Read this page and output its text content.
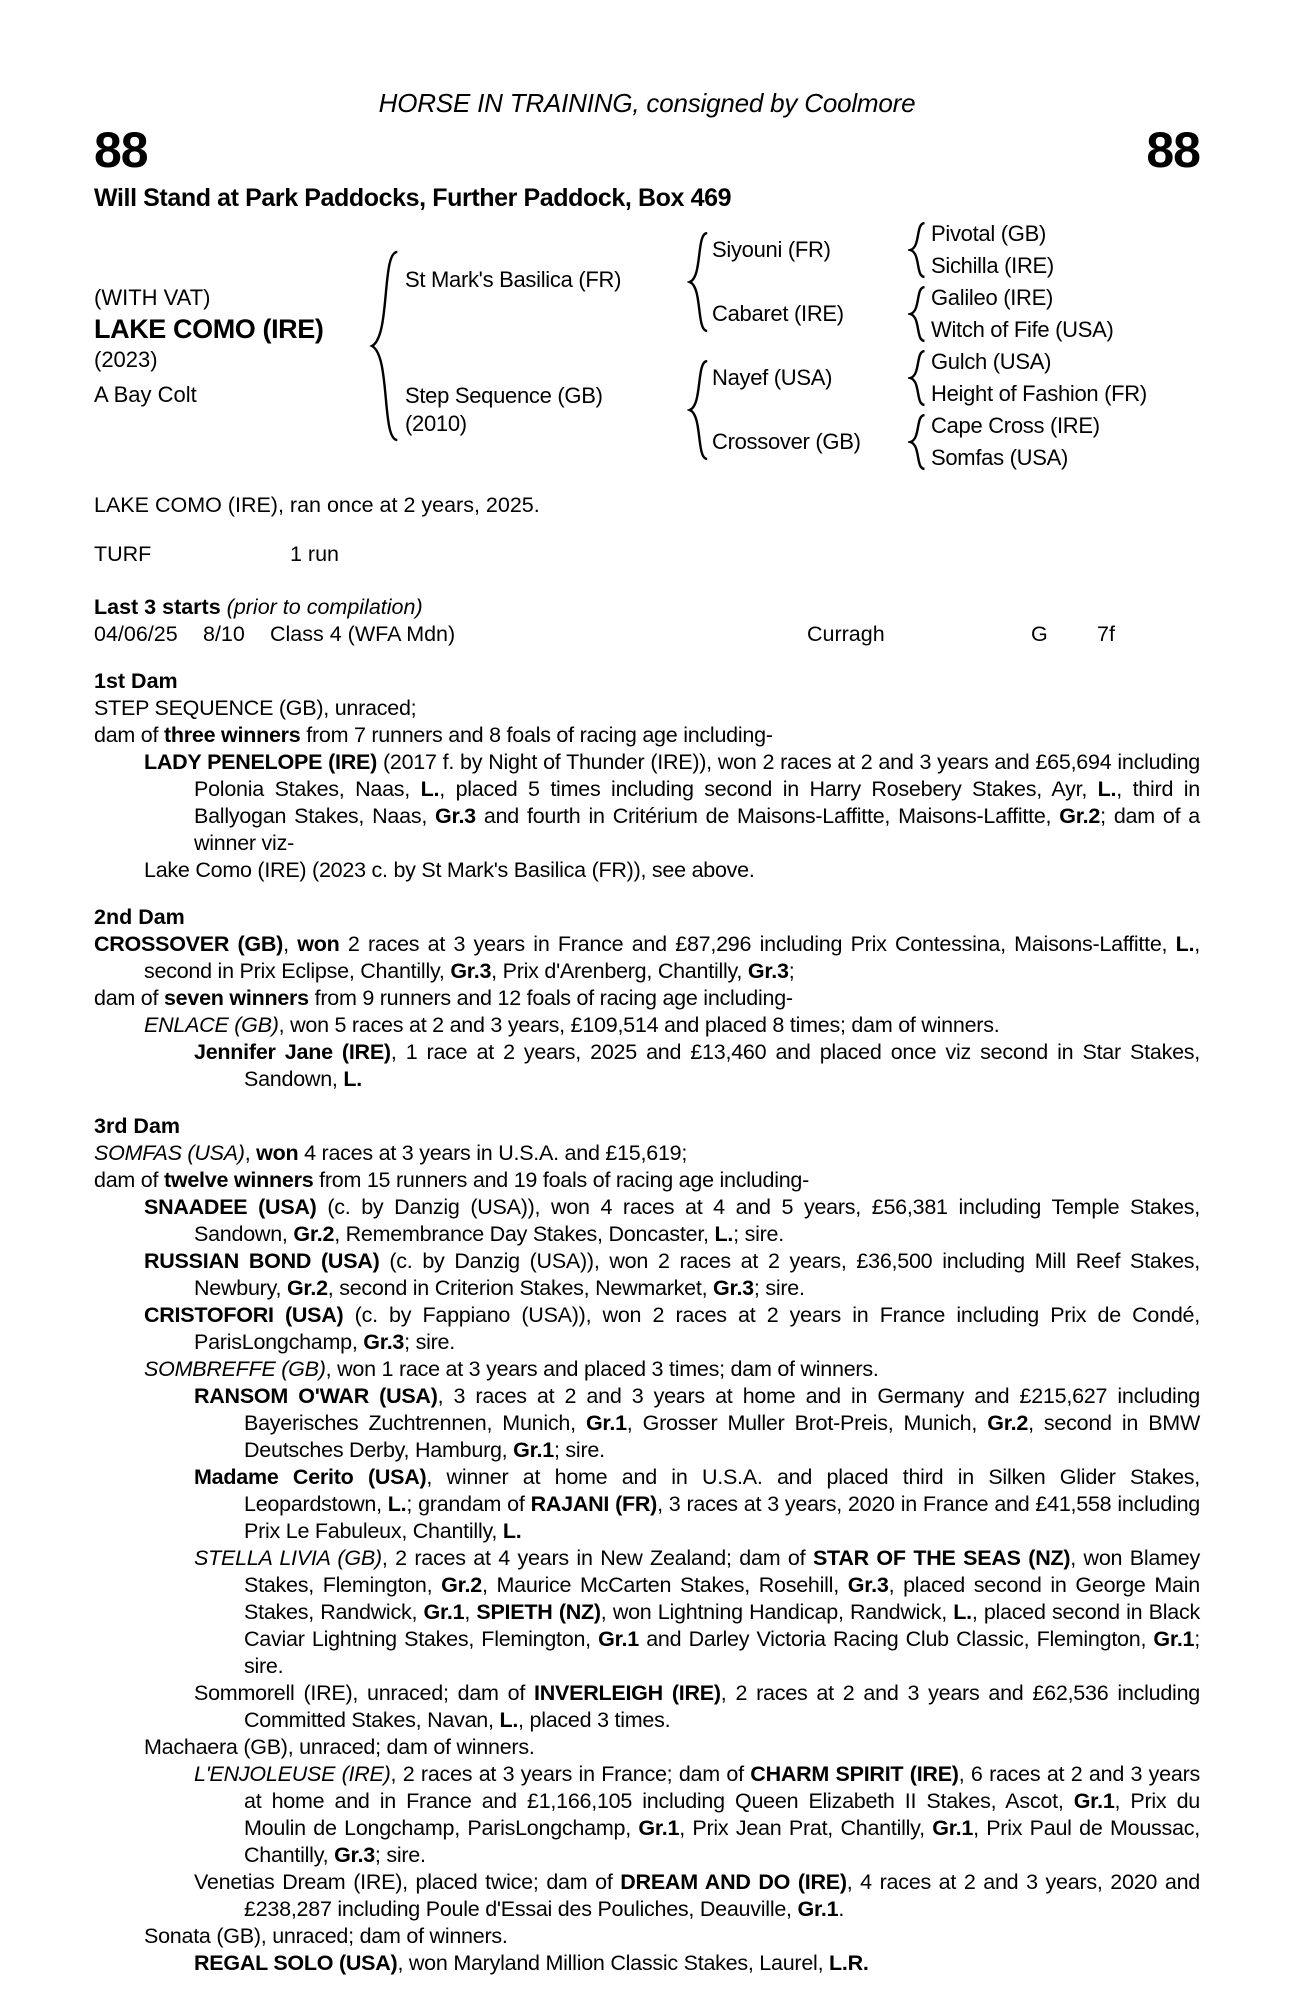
HORSE IN TRAINING, consigned by Coolmore
88	88
Will Stand at Park Paddocks, Further Paddock, Box 469
(WITH VAT)
LAKE COMO (IRE)
(2023)
A Bay Colt		St Mark's Basilica (FR)		Siyouni (FR)		Pivotal (GB)
						Sichilla (IRE)
				Cabaret (IRE)		Galileo (IRE)
						Witch of Fife (USA)

		Step Sequence (GB)
(2010)		Nayef (USA)		Gulch (USA)
						Height of Fashion (FR)
				Crossover (GB)		Cape Cross (IRE)
						Somfas (USA)
LAKE COMO (IRE), ran once at 2 years, 2025.
TURF	1 run
Last 3 starts (prior to compilation)
04/06/25 8/10 Class 4 (WFA Mdn)	Curragh	G 7f
1st Dam
STEP SEQUENCE (GB), unraced;
dam of three winners from 7 runners and 8 foals of racing age including-
LADY PENELOPE (IRE) (2017 f. by Night of Thunder (IRE)), won 2 races at 2 and 3 years and £65,694 including Polonia Stakes, Naas, L., placed 5 times including second in Harry Rosebery Stakes, Ayr, L., third in Ballyogan Stakes, Naas, Gr.3 and fourth in Critérium de Maisons-Laffitte, Maisons-Laffitte, Gr.2; dam of a winner viz-
Lake Como (IRE) (2023 c. by St Mark's Basilica (FR)), see above.
2nd Dam
CROSSOVER (GB), won 2 races at 3 years in France and £87,296 including Prix Contessina, Maisons-Laffitte, L., second in Prix Eclipse, Chantilly, Gr.3, Prix d'Arenberg, Chantilly, Gr.3;
dam of seven winners from 9 runners and 12 foals of racing age including-
ENLACE (GB), won 5 races at 2 and 3 years, £109,514 and placed 8 times; dam of winners.
Jennifer Jane (IRE), 1 race at 2 years, 2025 and £13,460 and placed once viz second in Star Stakes, Sandown, L.
3rd Dam
SOMFAS (USA), won 4 races at 3 years in U.S.A. and £15,619;
dam of twelve winners from 15 runners and 19 foals of racing age including-
SNAADEE (USA) (c. by Danzig (USA)), won 4 races at 4 and 5 years, £56,381 including Temple Stakes, Sandown, Gr.2, Remembrance Day Stakes, Doncaster, L.; sire.
RUSSIAN BOND (USA) (c. by Danzig (USA)), won 2 races at 2 years, £36,500 including Mill Reef Stakes, Newbury, Gr.2, second in Criterion Stakes, Newmarket, Gr.3; sire.
CRISTOFORI (USA) (c. by Fappiano (USA)), won 2 races at 2 years in France including Prix de Condé, ParisLongchamp, Gr.3; sire.
SOMBREFFE (GB), won 1 race at 3 years and placed 3 times; dam of winners.
RANSOM O'WAR (USA), 3 races at 2 and 3 years at home and in Germany and £215,627 including Bayerisches Zuchtrennen, Munich, Gr.1, Grosser Muller Brot-Preis, Munich, Gr.2, second in BMW Deutsches Derby, Hamburg, Gr.1; sire.
Madame Cerito (USA), winner at home and in U.S.A. and placed third in Silken Glider Stakes, Leopardstown, L.; grandam of RAJANI (FR), 3 races at 3 years, 2020 in France and £41,558 including Prix Le Fabuleux, Chantilly, L.
STELLA LIVIA (GB), 2 races at 4 years in New Zealand; dam of STAR OF THE SEAS (NZ), won Blamey Stakes, Flemington, Gr.2, Maurice McCarten Stakes, Rosehill, Gr.3, placed second in George Main Stakes, Randwick, Gr.1, SPIETH (NZ), won Lightning Handicap, Randwick, L., placed second in Black Caviar Lightning Stakes, Flemington, Gr.1 and Darley Victoria Racing Club Classic, Flemington, Gr.1; sire.
Sommorell (IRE), unraced; dam of INVERLEIGH (IRE), 2 races at 2 and 3 years and £62,536 including Committed Stakes, Navan, L., placed 3 times.
Machaera (GB), unraced; dam of winners.
L'ENJOLEUSE (IRE), 2 races at 3 years in France; dam of CHARM SPIRIT (IRE), 6 races at 2 and 3 years at home and in France and £1,166,105 including Queen Elizabeth II Stakes, Ascot, Gr.1, Prix du Moulin de Longchamp, ParisLongchamp, Gr.1, Prix Jean Prat, Chantilly, Gr.1, Prix Paul de Moussac, Chantilly, Gr.3; sire.
Venetias Dream (IRE), placed twice; dam of DREAM AND DO (IRE), 4 races at 2 and 3 years, 2020 and £238,287 including Poule d'Essai des Pouliches, Deauville, Gr.1.
Sonata (GB), unraced; dam of winners.
REGAL SOLO (USA), won Maryland Million Classic Stakes, Laurel, L.R.
